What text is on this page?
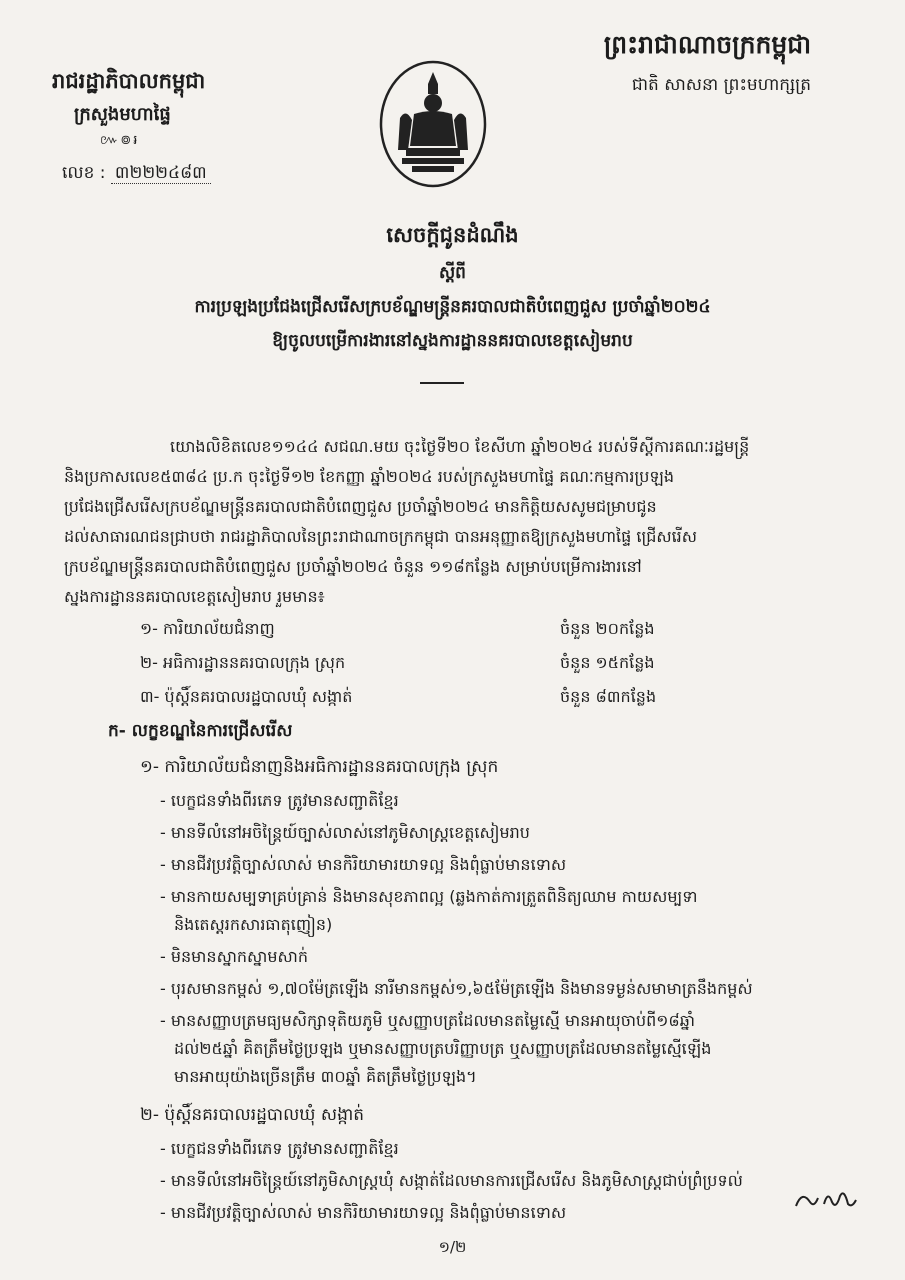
ព្រះរាជាណាចក្រកម្ពុជា
ជាតិ សាសនា ព្រះមហាក្សត្រ
រាជរដ្ឋាភិបាលកម្ពុជា
ក្រសួងមហាផ្ទៃ
៚៙៛
លេខ : ៣២២២៤៨៣
សេចក្តីជូនដំណឹង
ស្តីពី
ការប្រឡងប្រជែងជ្រើសរើសក្របខ័ណ្ឌមន្ត្រីនគរបាលជាតិបំពេញជួស ប្រចាំឆ្នាំ២០២៤
ឱ្យចូលបម្រើការងារនៅស្នងការដ្ឋាននគរបាលខេត្តសៀមរាប
យោងលិខិតលេខ១១៤៤ សជណ.មយ ចុះថ្ងៃទី២០ ខែសីហា ឆ្នាំ២០២៤ របស់ទីស្តីការគណៈរដ្ឋមន្ត្រី
និងប្រកាសលេខ៥៣៨៤ ប្រ.ក ចុះថ្ងៃទី១២ ខែកញ្ញា ឆ្នាំ២០២៤ របស់ក្រសួងមហាផ្ទៃ គណៈកម្មការប្រឡង
ប្រជែងជ្រើសរើសក្របខ័ណ្ឌមន្ត្រីនគរបាលជាតិបំពេញជួស ប្រចាំឆ្នាំ២០២៤ មានកិត្តិយសសូមជម្រាបជូន
ដល់សាធារណជនជ្រាបថា រាជរដ្ឋាភិបាលនៃព្រះរាជាណាចក្រកម្ពុជា បានអនុញ្ញាតឱ្យក្រសួងមហាផ្ទៃ ជ្រើសរើស
ក្របខ័ណ្ឌមន្ត្រីនគរបាលជាតិបំពេញជួស ប្រចាំឆ្នាំ២០២៤ ចំនួន ១១៨កន្លែង សម្រាប់បម្រើការងារនៅ
ស្នងការដ្ឋាននគរបាលខេត្តសៀមរាប រួមមាន៖
១- ការិយាល័យជំនាញ	ចំនួន ២០កន្លែង
២- អធិការដ្ឋាននគរបាលក្រុង ស្រុក	ចំនួន ១៥កន្លែង
៣- ប៉ុស្តិ៍នគរបាលរដ្ឋបាលឃុំ សង្កាត់	ចំនួន ៨៣កន្លែង
ក- លក្ខខណ្ឌនៃការជ្រើសរើស
១- ការិយាល័យជំនាញនិងអធិការដ្ឋាននគរបាលក្រុង ស្រុក
- បេក្ខជនទាំងពីរភេទ ត្រូវមានសញ្ជាតិខ្មែរ
- មានទីលំនៅអចិន្ត្រៃយ៍ច្បាស់លាស់នៅភូមិសាស្ត្រខេត្តសៀមរាប
- មានជីវប្រវត្តិច្បាស់លាស់ មានកិរិយាមារយាទល្អ និងពុំធ្លាប់មានទោស
- មានកាយសម្បទាគ្រប់គ្រាន់ និងមានសុខភាពល្អ (ឆ្លងកាត់ការត្រួតពិនិត្យឈាម កាយសម្បទា
និងតេស្តរកសារធាតុញៀន)
- មិនមានស្នាកស្នាមសាក់
- បុរសមានកម្ពស់ ១,៧០ម៉ែត្រឡើង នារីមានកម្ពស់១,៦៥ម៉ែត្រឡើង និងមានទម្ងន់សមាមាត្រនឹងកម្ពស់
- មានសញ្ញាបត្រមធ្យមសិក្សាទុតិយភូមិ ឬសញ្ញាបត្រដែលមានតម្លៃស្មើ មានអាយុចាប់ពី១៨ឆ្នាំ
ដល់២៥ឆ្នាំ គិតត្រឹមថ្ងៃប្រឡង ឬមានសញ្ញាបត្របរិញ្ញាបត្រ ឬសញ្ញាបត្រដែលមានតម្លៃស្មើឡើង
មានអាយុយ៉ាងច្រើនត្រឹម ៣០ឆ្នាំ គិតត្រឹមថ្ងៃប្រឡង។
២- ប៉ុស្តិ៍នគរបាលរដ្ឋបាលឃុំ សង្កាត់
- បេក្ខជនទាំងពីរភេទ ត្រូវមានសញ្ជាតិខ្មែរ
- មានទីលំនៅអចិន្ត្រៃយ៍នៅភូមិសាស្ត្រឃុំ សង្កាត់ដែលមានការជ្រើសរើស និងភូមិសាស្ត្រជាប់ព្រំប្រទល់
- មានជីវប្រវត្តិច្បាស់លាស់ មានកិរិយាមារយាទល្អ និងពុំធ្លាប់មានទោស
១/២
